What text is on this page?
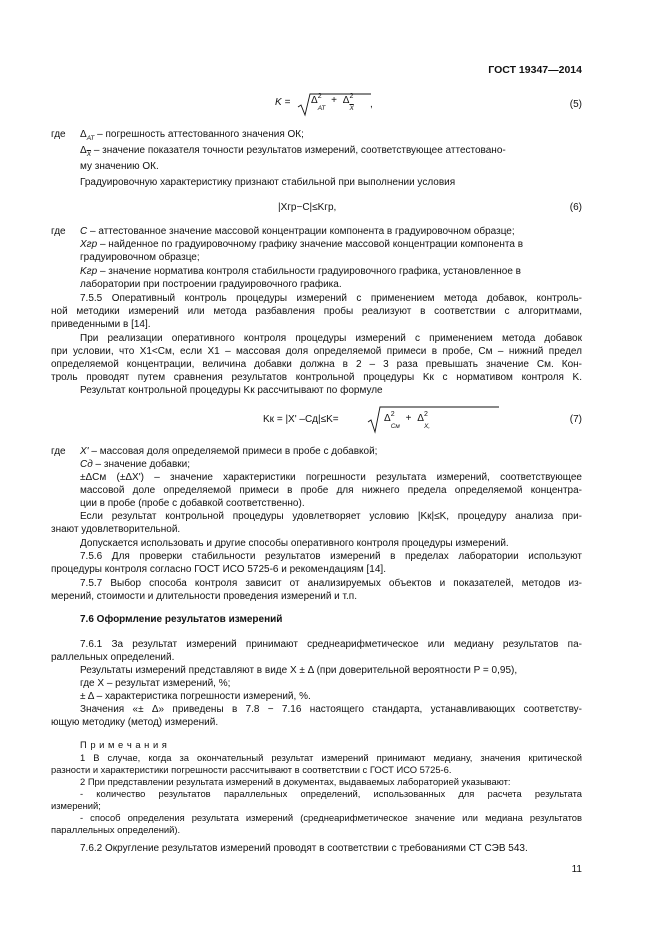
ГОСТ 19347—2014
K = Δ 2
$_{АТ}$ + Δ 2
$_{\overline{X}}$ ,	(5)
где $\Delta_{АТ}$ – погрешность аттестованного значения ОК;
$\Delta_{\overline{X}}$ – значение показателя точности результатов измерений, соответствующее аттестовано-
му значению ОК.
Градуировочную характеристику признают стабильной при выполнении условия
|Xгр−C|≤Kгр,	(6)
где C – аттестованное значение массовой концентрации компонента в градуировочном образце;
Xгр – найденное по градуировочному графику значение массовой концентрации компонента в
градуировочном образце;
Kгр – значение норматива контроля стабильности градуировочного графика, установленное в
лаборатории при построении градуировочного графика.
7.5.5 Оперативный контроль процедуры измерений с применением метода добавок, контроль-
ной методики измерений или метода разбавления пробы реализуют в соответствии с алгоритмами,
приведенными в [14].
При реализации оперативного контроля процедуры измерений с применением метода добавок
при условии, что X1<Cм, если X1 – массовая доля определяемой примеси в пробе, Cм – нижний предел
определяемой концентрации, величина добавки должна в 2 – 3 раза превышать значение Cм. Кон-
троль проводят путем сравнения результатов контрольной процедуры Kк с нормативом контроля K.
Результат контрольной процедуры Kк рассчитывают по формуле
Kк = |X' –Cд|≤K=	Δ 2
$_{Cм}$ + Δ 2
$_{X,}$
(7)
где X' – массовая доля определяемой примеси в пробе с добавкой;
Cд – значение добавки;
±ΔCм (±ΔX') – значение характеристики погрешности результата измерений, соответствующее
массовой доле определяемой примеси в пробе для нижнего предела определяемой концентра-
ции в пробе (пробе с добавкой соответственно).
Если результат контрольной процедуры удовлетворяет условию |Kк|≤K, процедуру анализа при-
знают удовлетворительной.
Допускается использовать и другие способы оперативного контроля процедуры измерений.
7.5.6 Для проверки стабильности результатов измерений в пределах лаборатории используют
процедуры контроля согласно ГОСТ ИСО 5725-6 и рекомендациям [14].
7.5.7 Выбор способа контроля зависит от анализируемых объектов и показателей, методов из-
мерений, стоимости и длительности проведения измерений и т.п.
7.6 Оформление результатов измерений
7.6.1 За результат измерений принимают среднеарифметическое или медиану результатов па-
раллельных определений.
Результаты измерений представляют в виде X ± Δ (при доверительной вероятности P = 0,95),
где X – результат измерений, %;
± Δ – характеристика погрешности измерений, %.
Значения «± Δ» приведены в 7.8 − 7.16 настоящего стандарта, устанавливающих соответству-
ющую методику (метод) измерений.
П р и м е ч а н и я
1 В случае, когда за окончательный результат измерений принимают медиану, значения критической
разности и характеристики погрешности рассчитывают в соответствии с ГОСТ ИСО 5725-6.
2 При представлении результата измерений в документах, выдаваемых лабораторией указывают:
- количество результатов параллельных определений, использованных для расчета результата
измерений;
- способ определения результата измерений (среднеарифметическое значение или медиана результатов
параллельных определений).
7.6.2 Округление результатов измерений проводят в соответствии с требованиями СТ СЭВ 543.
11
